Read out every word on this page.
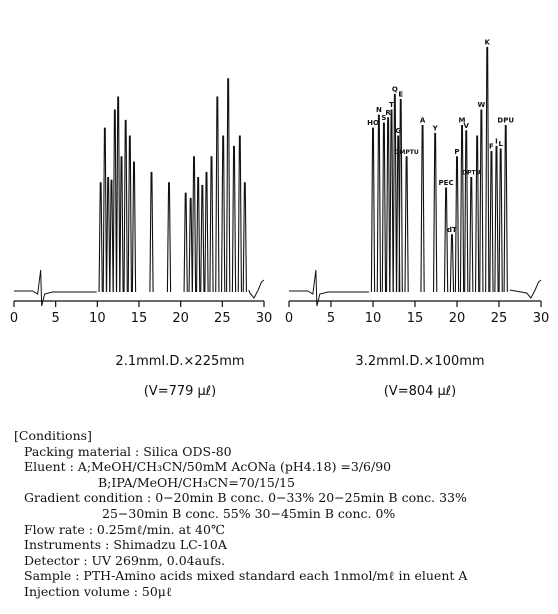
0	5 10 15 20 25 30 0	5 10 15 20 25 30
HO
N
S
R
T
Q
G
E
DMPTU
A
Y
PEC
dT
P
M
V
DPTU
W
K
F
I L
DPU
2.1mmI.D.×225mm
(V=779 μℓ)
3.2mmI.D.×100mm
(V=804 μℓ)
[Conditions]
Packing material : Silica ODS-80
Eluent : A;MeOH/CH₃CN/50mM AcONa (pH4.18) =3/6/90
B;IPA/MeOH/CH₃CN=70/15/15
Gradient condition : 0−20min B conc. 0−33% 20−25min B conc. 33%
25−30min B conc. 55% 30−45min B conc. 0%
Flow rate : 0.25mℓ/min. at 40℃
Instruments : Shimadzu LC-10A
Detector : UV 269nm, 0.04aufs.
Sample : PTH-Amino acids mixed standard each 1nmol/mℓ in eluent A
Injection volume : 50μℓ
